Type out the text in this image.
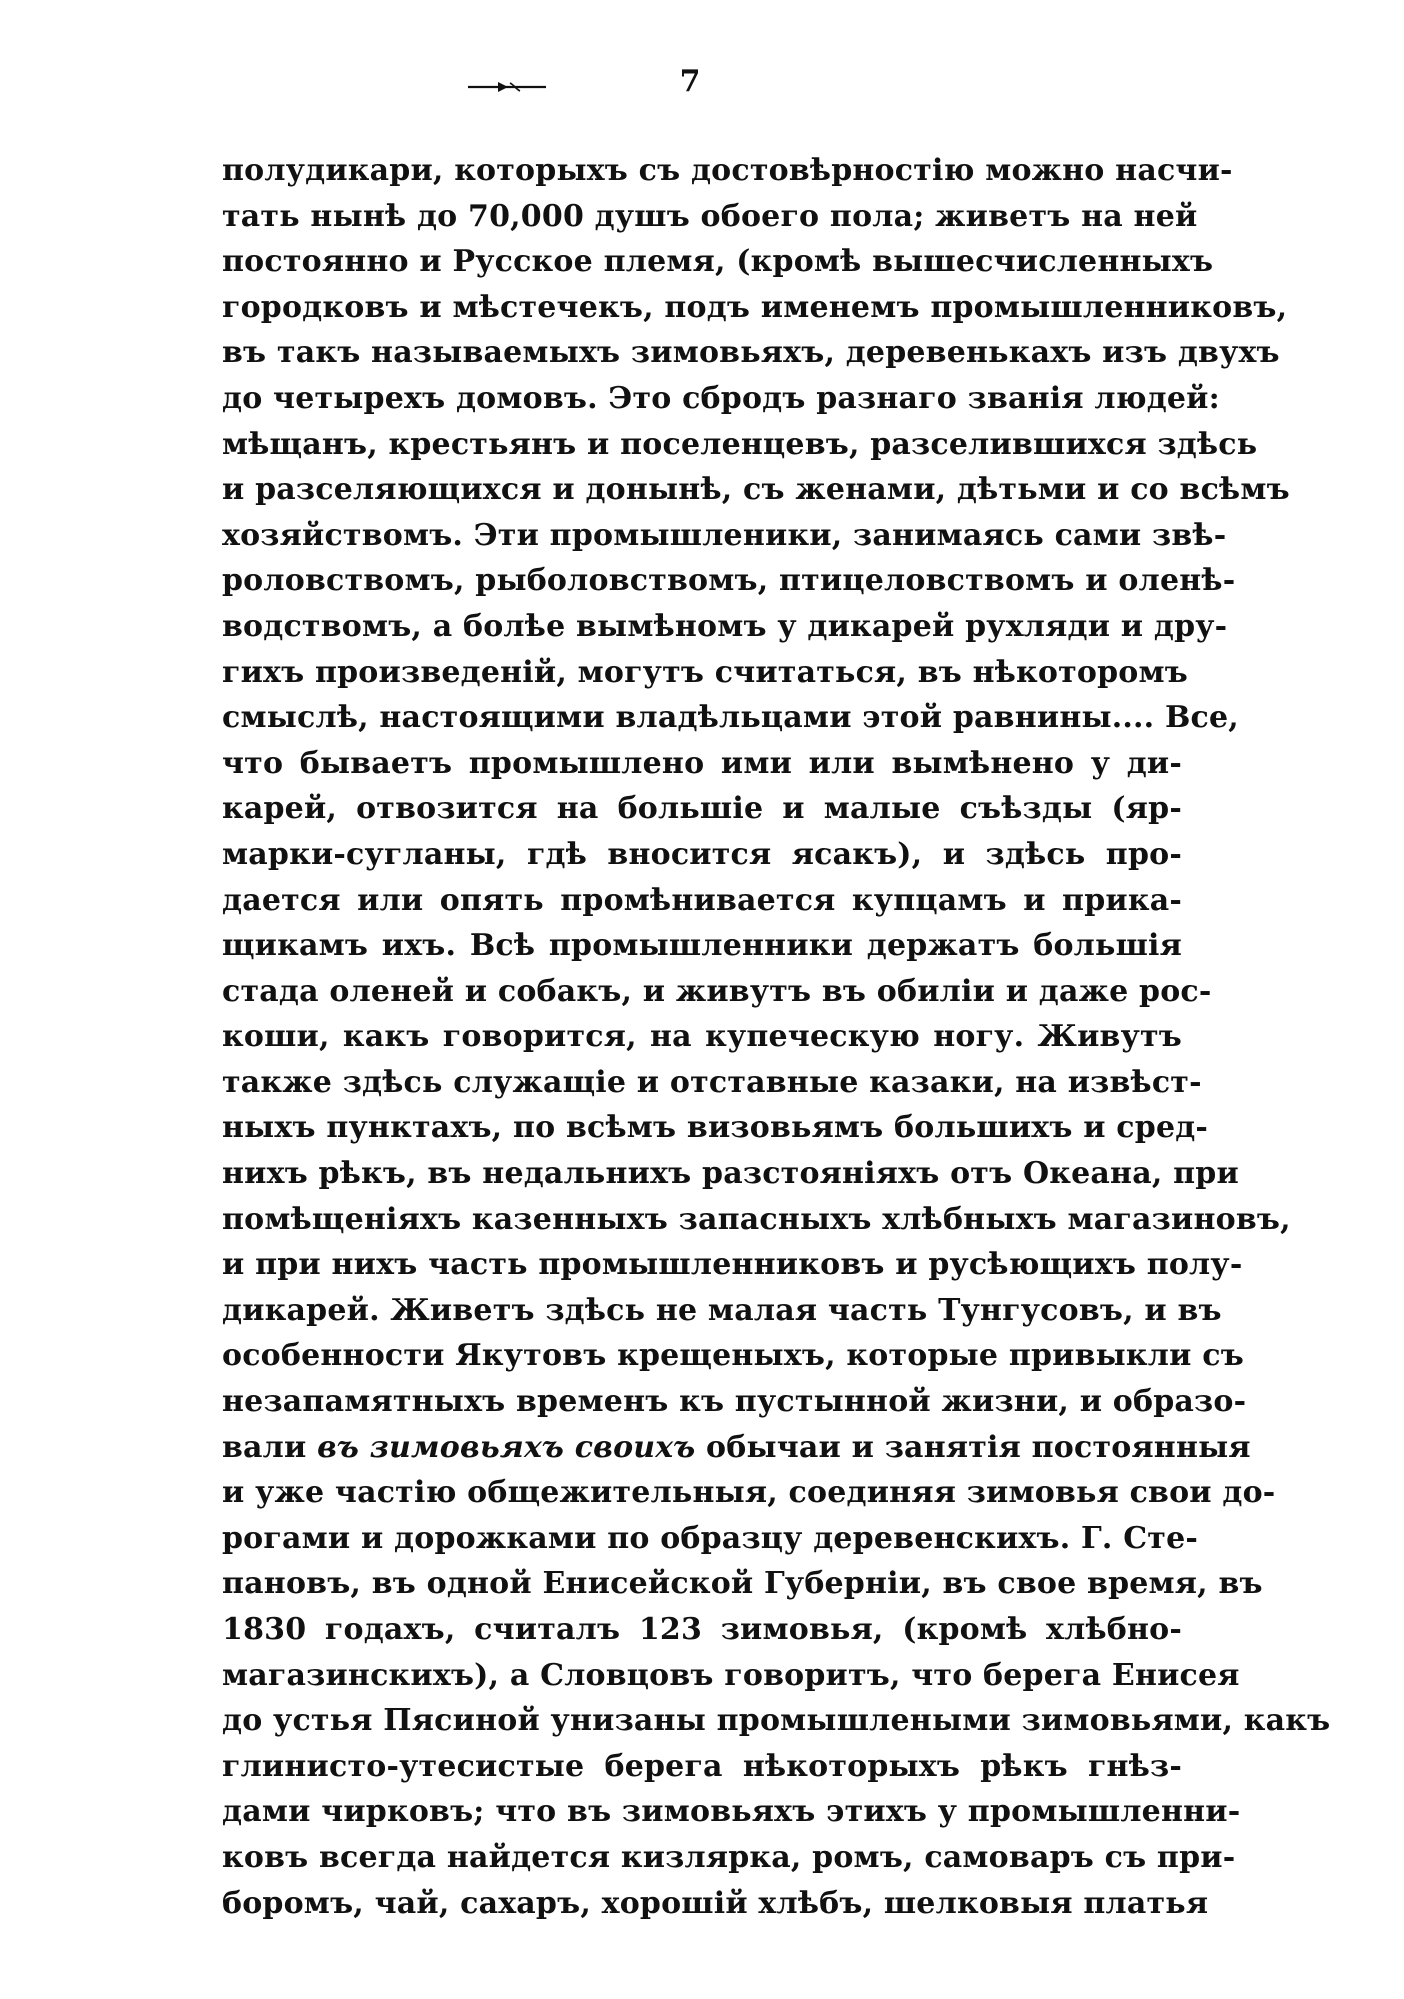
7
полудикари, которыхъ съ достовѣрностію можно насчи-
тать нынѣ до 70,000 душъ обоего пола; живетъ на ней
постоянно и Русское племя, (кромѣ вышесчисленныхъ
городковъ и мѣстечекъ, подъ именемъ промышленниковъ,
въ такъ называемыхъ зимовьяхъ, деревенькахъ изъ двухъ
до четырехъ домовъ. Это сбродъ разнаго званія людей:
мѣщанъ, крестьянъ и поселенцевъ, разселившихся здѣсь
и разселяющихся и донынѣ, съ женами, дѣтьми и со всѣмъ
хозяйствомъ. Эти промышленики, занимаясь сами звѣ-
роловствомъ, рыболовствомъ, птицеловствомъ и оленѣ-
водствомъ, а болѣе вымѣномъ у дикарей рухляди и дру-
гихъ произведеній, могутъ считаться, въ нѣкоторомъ
смыслѣ, настоящими владѣльцами этой равнины.... Все,
что бываетъ промышлено ими или вымѣнено у ди-
карей, отвозится на большіе и малые съѣзды (яр-
марки-сугланы, гдѣ вносится ясакъ), и здѣсь про-
дается или опять промѣнивается купцамъ и прика-
щикамъ ихъ. Всѣ промышленники держатъ большія
стада оленей и собакъ, и живутъ въ обиліи и даже рос-
коши, какъ говорится, на купеческую ногу. Живутъ
также здѣсь служащіе и отставные казаки, на извѣст-
ныхъ пунктахъ, по всѣмъ визовьямъ большихъ и сред-
нихъ рѣкъ, въ недальнихъ разстояніяхъ отъ Океана, при
помѣщеніяхъ казенныхъ запасныхъ хлѣбныхъ магазиновъ,
и при нихъ часть промышленниковъ и русѣющихъ полу-
дикарей. Живетъ здѣсь не малая часть Тунгусовъ, и въ
особенности Якутовъ крещеныхъ, которые привыкли съ
незапамятныхъ временъ къ пустынной жизни, и образо-
вали въ зимовьяхъ своихъ обычаи и занятія постоянныя
и уже частію общежительныя, соединяя зимовья свои до-
рогами и дорожками по образцу деревенскихъ. Г. Сте-
пановъ, въ одной Енисейской Губерніи, въ свое время, въ
1830 годахъ, считалъ 123 зимовья, (кромѣ хлѣбно-
магазинскихъ), а Словцовъ говоритъ, что берега Енисея
до устья Пясиной унизаны промышлеными зимовьями, какъ
глинисто-утесистые берега нѣкоторыхъ рѣкъ гнѣз-
дами чирковъ; что въ зимовьяхъ этихъ у промышленни-
ковъ всегда найдется кизлярка, ромъ, самоваръ съ при-
боромъ, чай, сахаръ, хорошій хлѣбъ, шелковыя платья
